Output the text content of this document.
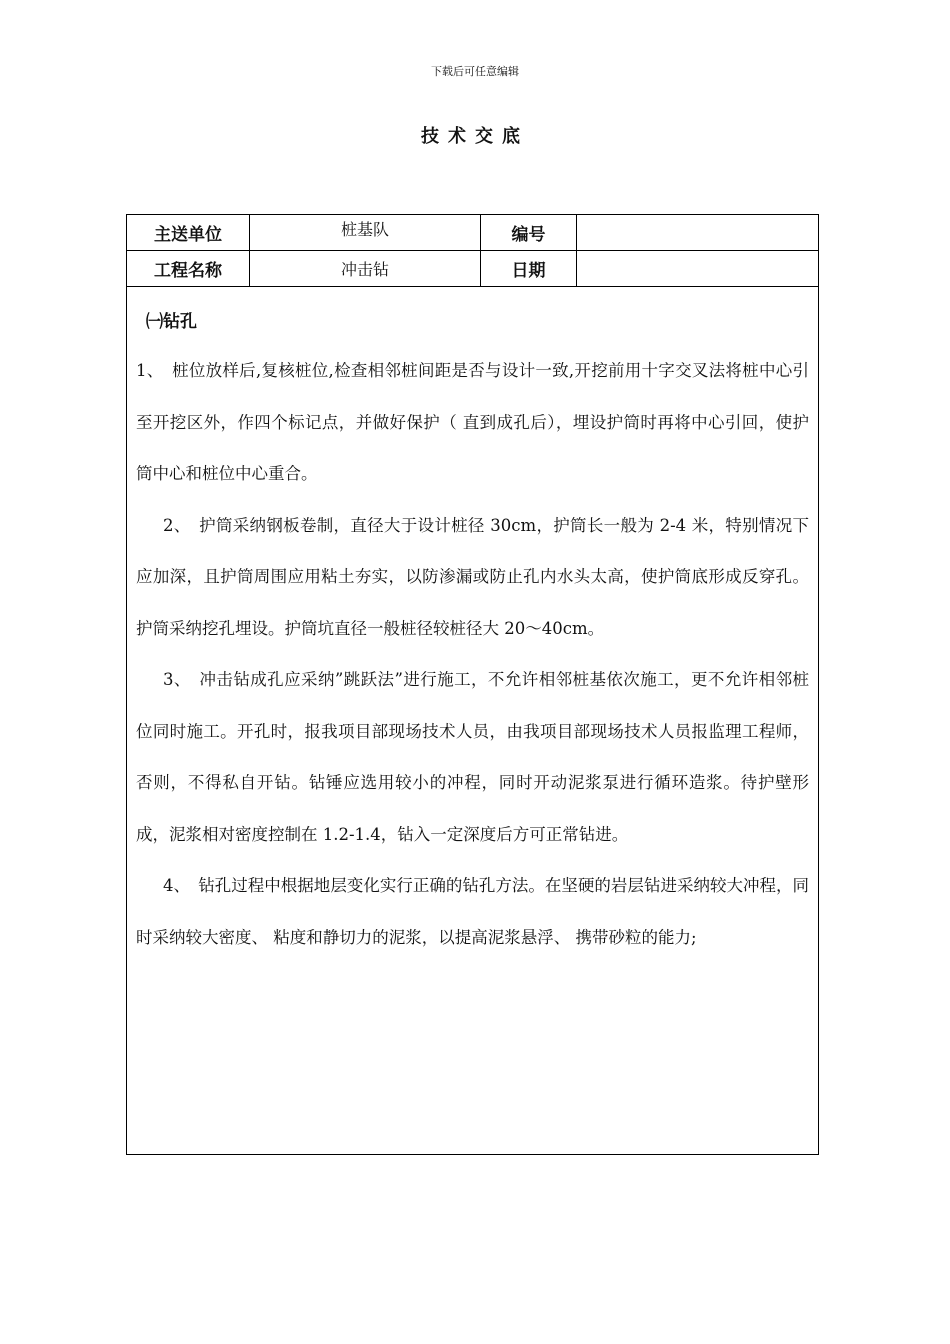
下载后可任意编辑
技术交底
主送单位	桩基队	编号
工程名称	冲击钻	日期
㈠钻孔

1、　桩位放样后,复核桩位,检查相邻桩间距是否与设计一致,开挖前用十字交叉法将桩中心引至开挖区外，作四个标记点，并做好保护（ 直到成孔后），埋设护筒时再将中心引回，使护筒中心和桩位中心重合。

2、　护筒采纳钢板卷制，直径大于设计桩径 30cm，护筒长一般为 2-4 米，特别情况下应加深，且护筒周围应用粘土夯实，以防渗漏或防止孔内水头太高，使护筒底形成反穿孔。护筒采纳挖孔埋设。护筒坑直径一般桩径较桩径大 20～40cm。

3、　冲击钻成孔应采纳”跳跃法”进行施工，不允许相邻桩基依次施工，更不允许相邻桩位同时施工。开孔时，报我项目部现场技术人员，由我项目部现场技术人员报监理工程师，否则，不得私自开钻。钻锤应选用较小的冲程，同时开动泥浆泵进行循环造浆。待护壁形成，泥浆相对密度控制在 1.2-1.4，钻入一定深度后方可正常钻进。

4、　钻孔过程中根据地层变化实行正确的钻孔方法。在坚硬的岩层钻进采纳较大冲程，同时采纳较大密度、 粘度和静切力的泥浆，以提高泥浆悬浮、 携带砂粒的能力;
